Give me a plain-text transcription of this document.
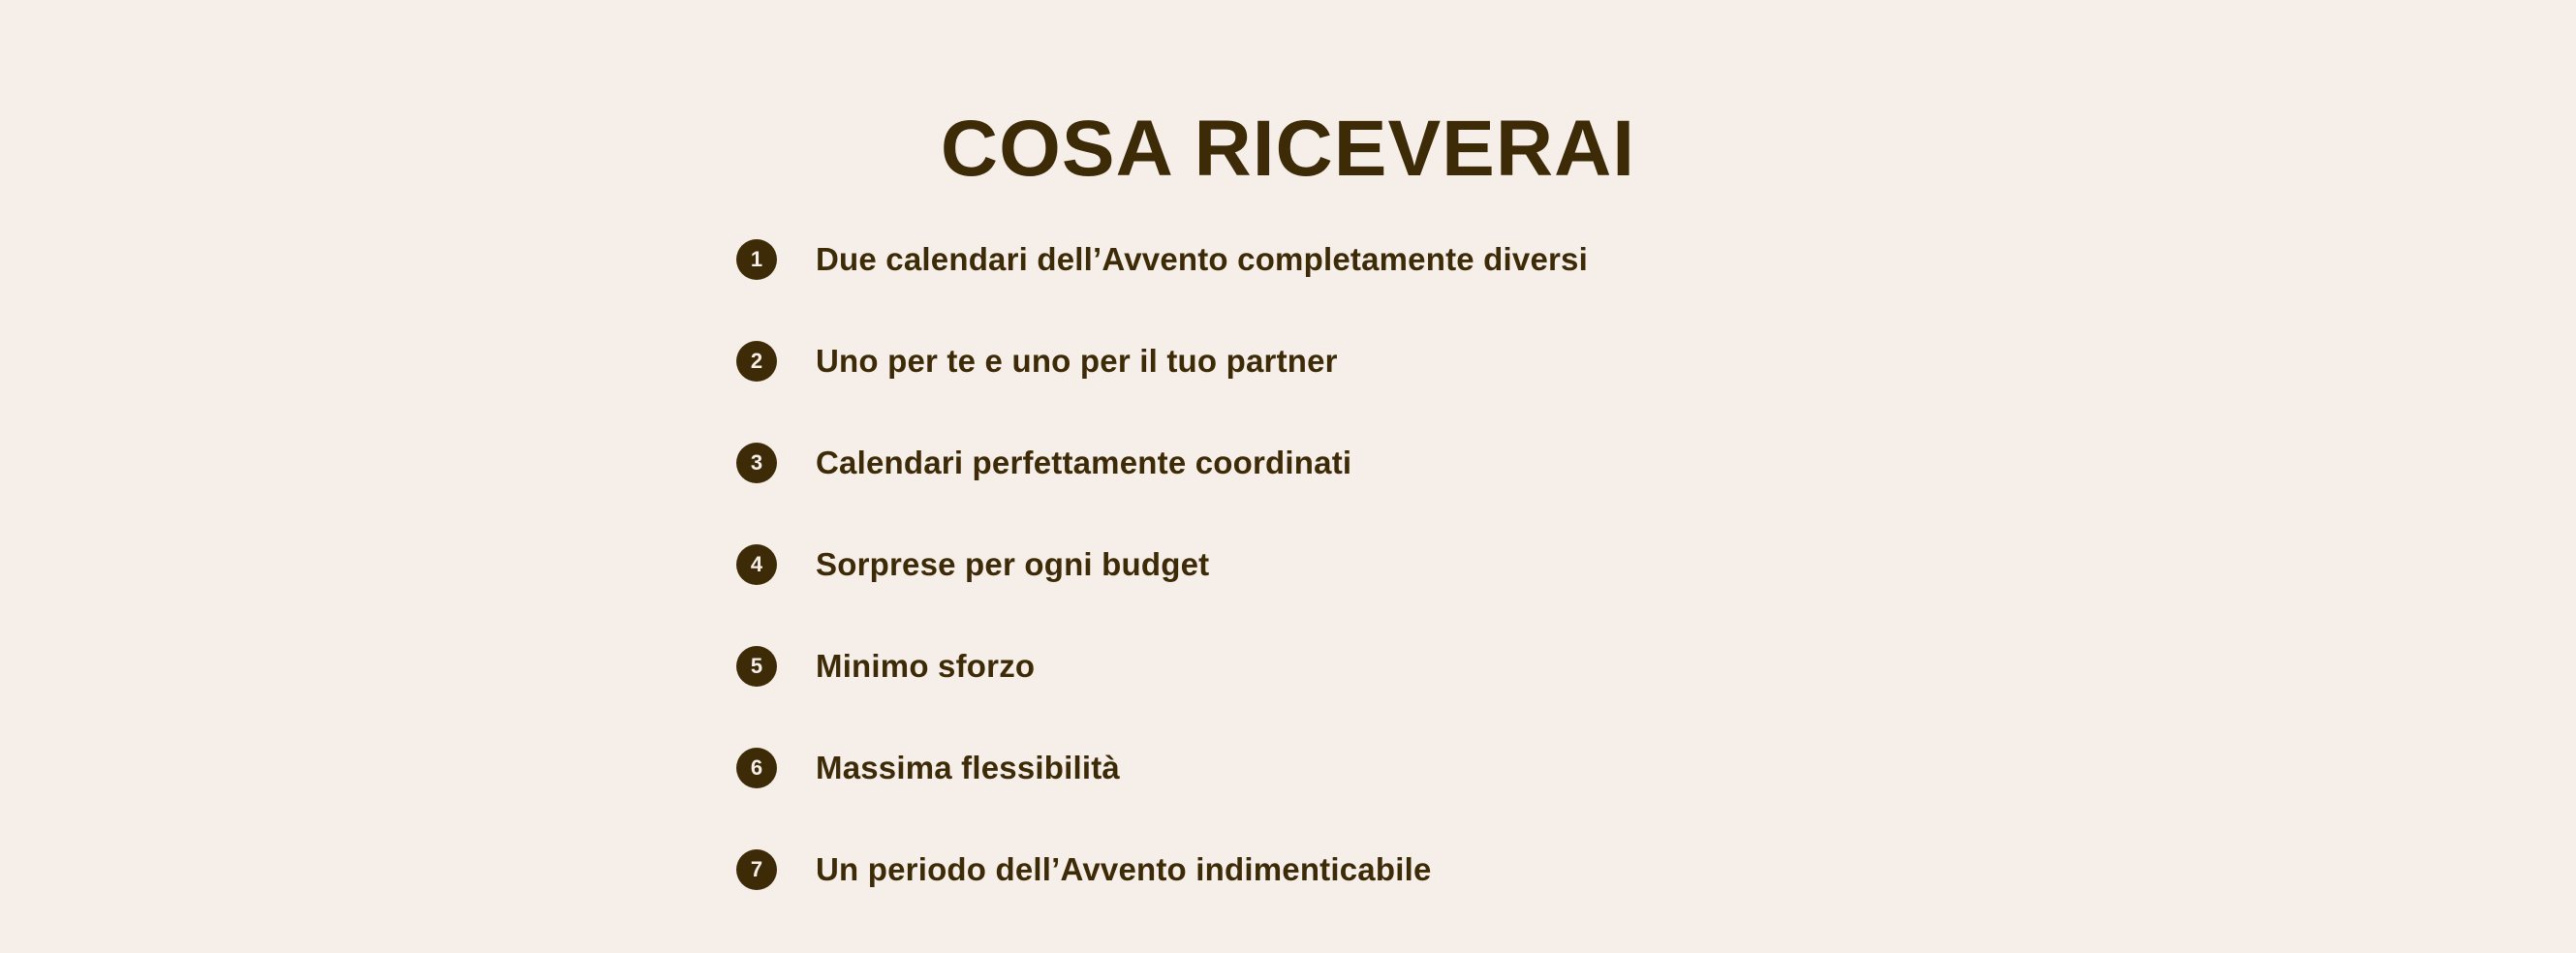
COSA RICEVERAI
1	Due calendari dell’Avvento completamente diversi
2	Uno per te e uno per il tuo partner
3	Calendari perfettamente coordinati
4	Sorprese per ogni budget
5	Minimo sforzo
6	Massima flessibilità
7	Un periodo dell’Avvento indimenticabile
